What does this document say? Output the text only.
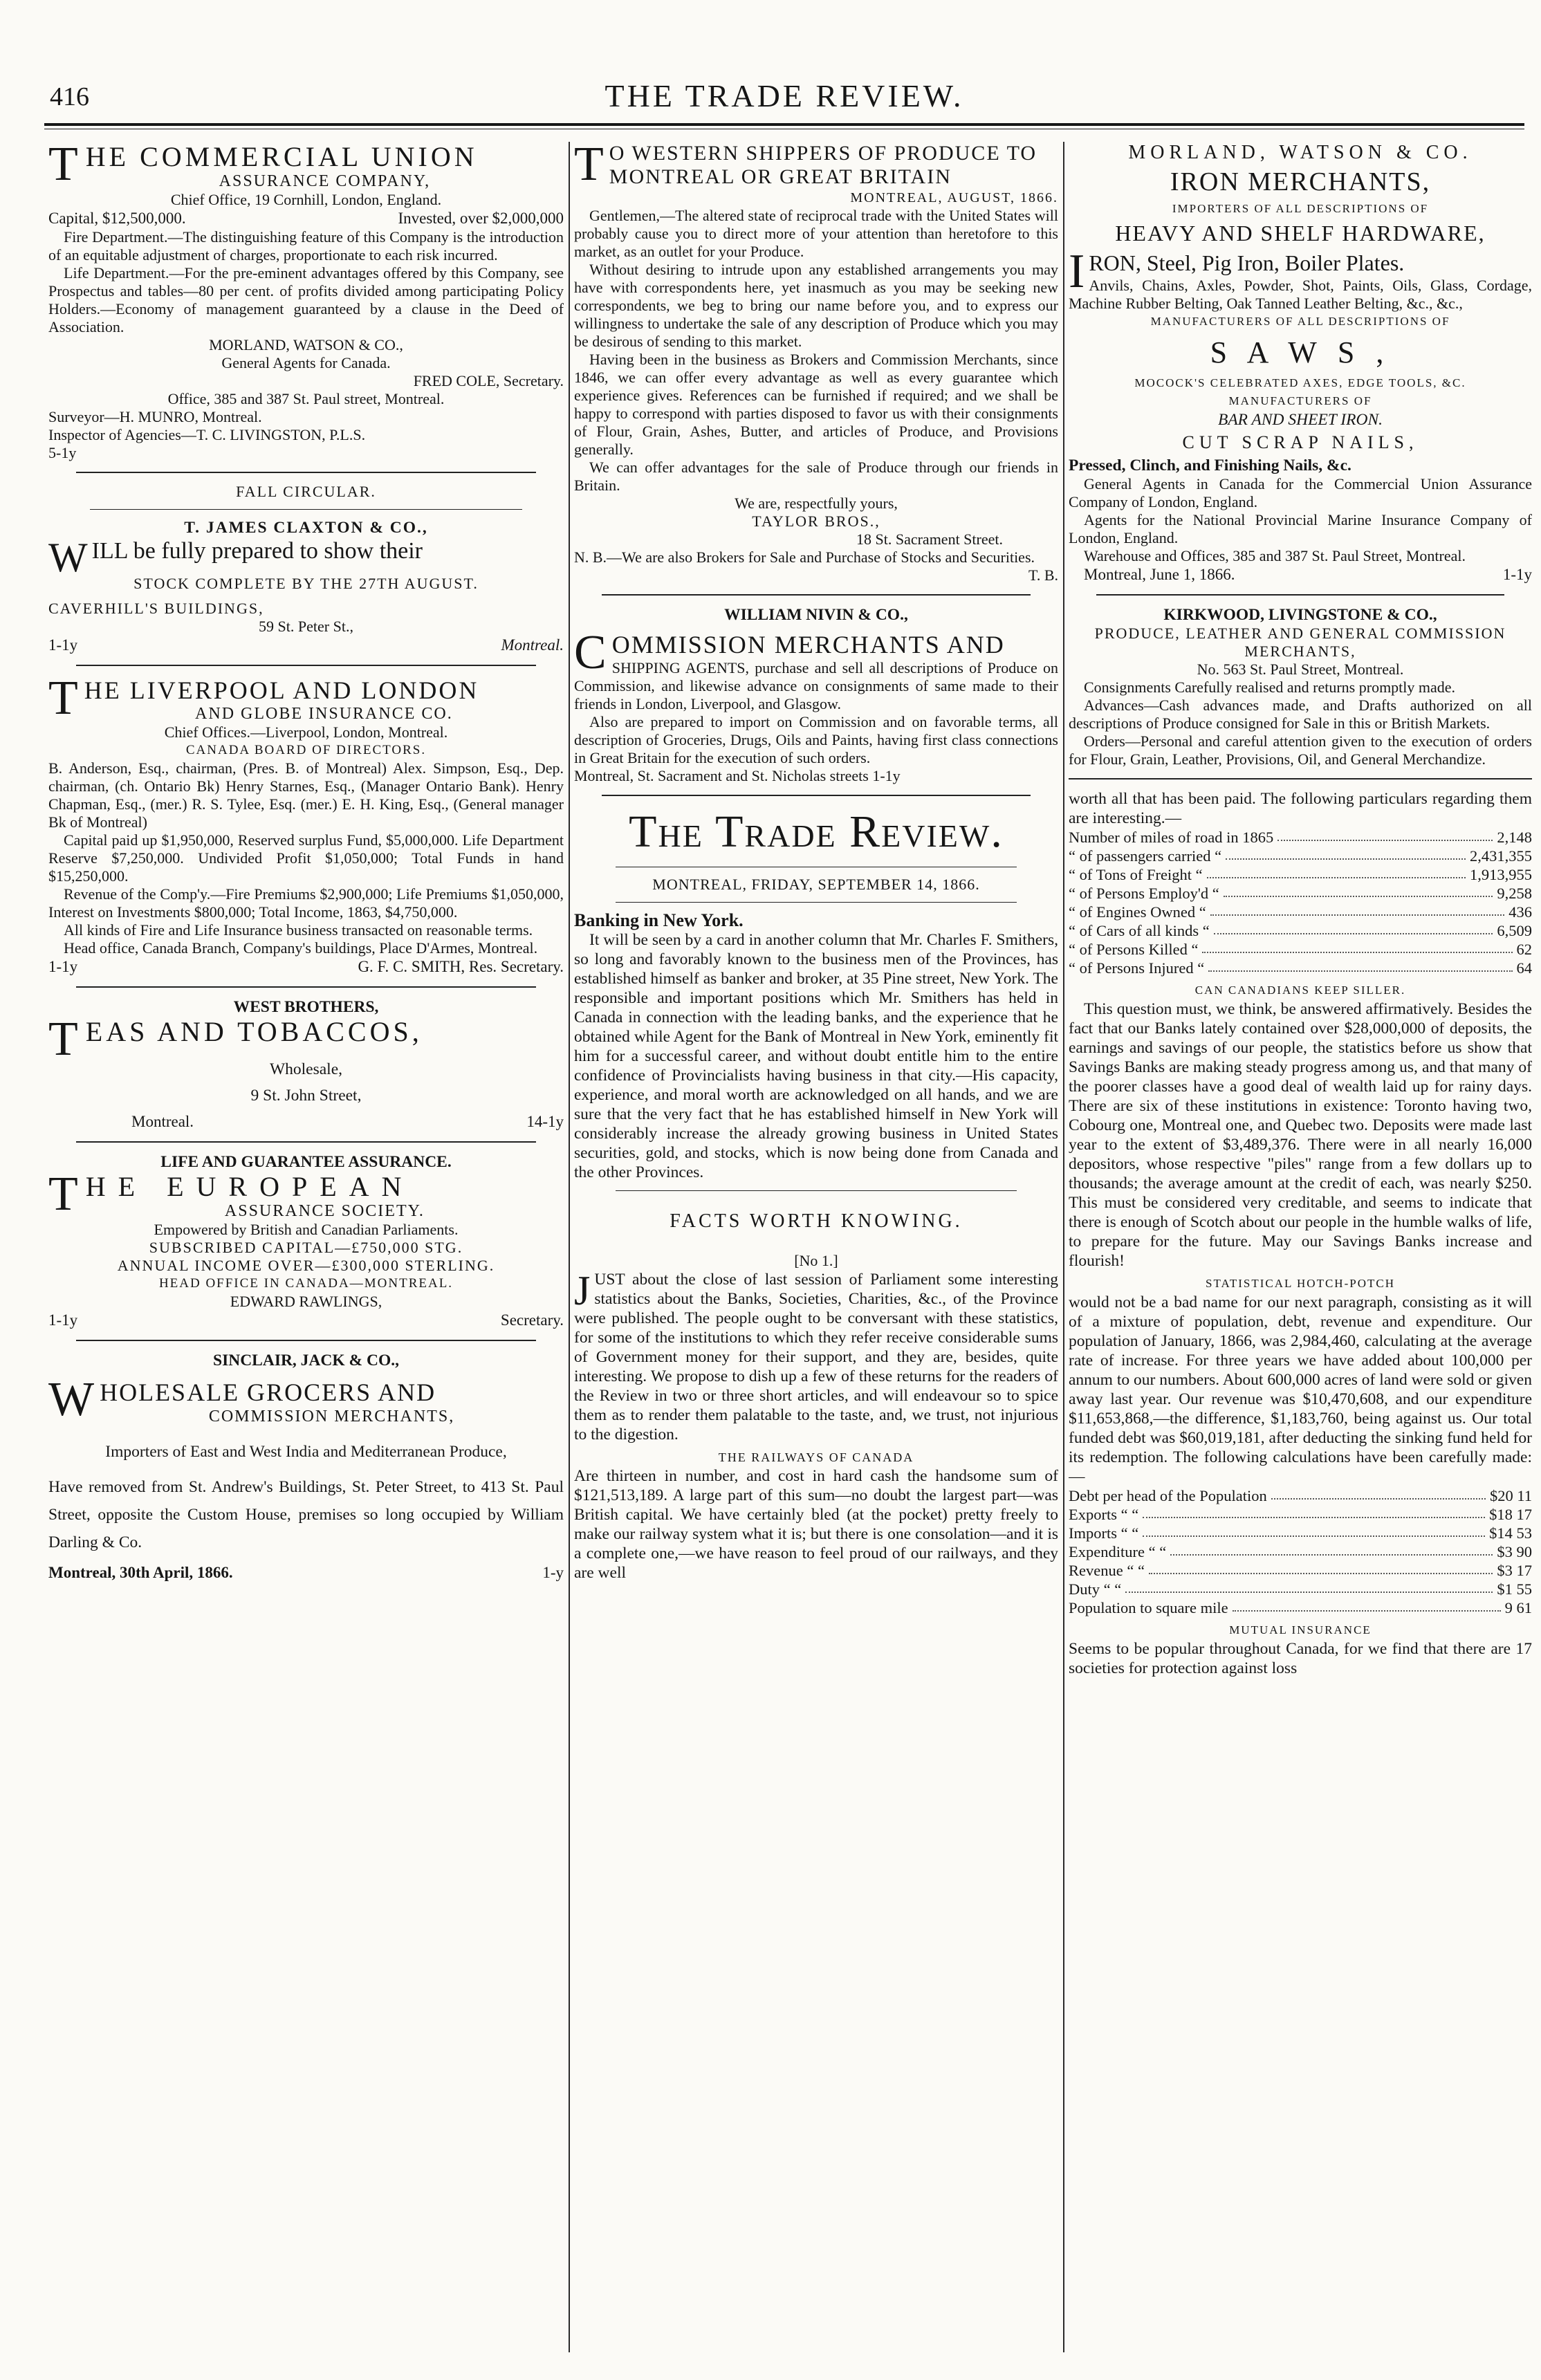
416	THE TRADE REVIEW.
THE COMMERCIAL UNION
ASSURANCE COMPANY,

Chief Office, 19 Cornhill, London, England.

Capital, $12,500,000.	Invested, over $2,000,000

Fire Department.—The distinguishing feature of this Company is the introduction of an equitable adjustment of charges, proportionate to each risk incurred.

Life Department.—For the pre-eminent advantages offered by this Company, see Prospectus and tables—80 per cent. of profits divided among participating Policy Holders.—Economy of management guaranteed by a clause in the Deed of Association.

MORLAND, WATSON & CO.,

General Agents for Canada.

FRED COLE, Secretary.

Office, 385 and 387 St. Paul street, Montreal.

Surveyor—H. MUNRO, Montreal.

Inspector of Agencies—T. C. LIVINGSTON, P.L.S.

5-1y

FALL CIRCULAR.

T. JAMES CLAXTON & CO.,

WILL be fully prepared to show their

STOCK COMPLETE BY THE 27TH AUGUST.

CAVERHILL'S BUILDINGS,

59 St. Peter St.,

1-1y	Montreal.
THE LIVERPOOL AND LONDON
AND GLOBE INSURANCE CO.

Chief Offices.—Liverpool, London, Montreal.

CANADA BOARD OF DIRECTORS.

B. Anderson, Esq., chairman, (Pres. B. of Montreal) Alex. Simpson, Esq., Dep. chairman, (ch. Ontario Bk) Henry Starnes, Esq., (Manager Ontario Bank). Henry Chapman, Esq., (mer.) R. S. Tylee, Esq. (mer.) E. H. King, Esq., (General manager Bk of Montreal)

Capital paid up $1,950,000, Reserved surplus Fund, $5,000,000. Life Department Reserve $7,250,000. Undivided Profit $1,050,000; Total Funds in hand $15,250,000.

Revenue of the Comp'y.—Fire Premiums $2,900,000; Life Premiums $1,050,000, Interest on Investments $800,000; Total Income, 1863, $4,750,000.

All kinds of Fire and Life Insurance business transacted on reasonable terms.

Head office, Canada Branch, Company's buildings, Place D'Armes, Montreal.

1-1y	G. F. C. SMITH, Res. Secretary.

WEST BROTHERS,

TEAS AND TOBACCOS,

Wholesale,

9 St. John Street,

Montreal.	14-1y

LIFE AND GUARANTEE ASSURANCE.

THE EUROPEAN
ASSURANCE SOCIETY.

Empowered by British and Canadian Parliaments.

SUBSCRIBED CAPITAL—£750,000 STG.

ANNUAL INCOME OVER—£300,000 STERLING.

HEAD OFFICE IN CANADA—MONTREAL.

EDWARD RAWLINGS,

1-1y	Secretary.

SINCLAIR, JACK & CO.,

WHOLESALE GROCERS AND
COMMISSION MERCHANTS,

Importers of East and West India and Mediterranean Produce,

Have removed from St. Andrew's Buildings, St. Peter Street, to 413 St. Paul Street, opposite the Custom House, premises so long occupied by William Darling & Co.

Montreal, 30th April, 1866.	1-y
T O WESTERN SHIPPERS OF PRODUCE TO MONTREAL OR GREAT BRITAIN

MONTREAL, AUGUST, 1866.

Gentlemen,—The altered state of reciprocal trade with the United States will probably cause you to direct more of your attention than heretofore to this market, as an outlet for your Produce.

Without desiring to intrude upon any established arrangements you may have with correspondents here, yet inasmuch as you may be seeking new correspondents, we beg to bring our name before you, and to express our willingness to undertake the sale of any description of Produce which you may be desirous of sending to this market.

Having been in the business as Brokers and Commission Merchants, since 1846, we can offer every advantage as well as every guarantee which experience gives. References can be furnished if required; and we shall be happy to correspond with parties disposed to favor us with their consignments of Flour, Grain, Ashes, Butter, and articles of Produce, and Provisions generally.

We can offer advantages for the sale of Produce through our friends in Britain.

We are, respectfully yours,

TAYLOR BROS.,

18 St. Sacrament Street.

N. B.—We are also Brokers for Sale and Purchase of Stocks and Securities.

T. B.

WILLIAM NIVIN & CO.,

COMMISSION MERCHANTS AND

SHIPPING AGENTS, purchase and sell all descriptions of Produce on Commission, and likewise advance on consignments of same made to their friends in London, Liverpool, and Glasgow.

Also are prepared to import on Commission and on favorable terms, all description of Groceries, Drugs, Oils and Paints, having first class connections in Great Britain for the execution of such orders.

Montreal, St. Sacrament and St. Nicholas streets 1-1y

The Trade Review.

MONTREAL, FRIDAY, SEPTEMBER 14, 1866.

Banking in New York.

It will be seen by a card in another column that Mr. Charles F. Smithers, so long and favorably known to the business men of the Provinces, has established himself as banker and broker, at 35 Pine street, New York. The responsible and important positions which Mr. Smithers has held in Canada in connection with the leading banks, and the experience that he obtained while Agent for the Bank of Montreal in New York, eminently fit him for a successful career, and without doubt entitle him to the entire confidence of Provincialists having business in that city.—His capacity, experience, and moral worth are acknowledged on all hands, and we are sure that the very fact that he has established himself in New York will considerably increase the already growing business in United States securities, gold, and stocks, which is now being done from Canada and the other Provinces.

FACTS WORTH KNOWING.

[No 1.]

J UST about the close of last session of Parliament some interesting statistics about the Banks, Societies, Charities, &c., of the Province were published. The people ought to be conversant with these statistics, for some of the institutions to which they refer receive considerable sums of Government money for their support, and they are, besides, quite interesting. We propose to dish up a few of these returns for the readers of the Review in two or three short articles, and will endeavour so to spice them as to render them palatable to the taste, and, we trust, not injurious to the digestion.

THE RAILWAYS OF CANADA

Are thirteen in number, and cost in hard cash the handsome sum of $121,513,189. A large part of this sum—no doubt the largest part—was British capital. We have certainly bled (at the pocket) pretty freely to make our railway system what it is; but there is one consolation—and it is a complete one,—we have reason to feel proud of our railways, and they are well

MORLAND, WATSON & CO.

IRON MERCHANTS,

IMPORTERS OF ALL DESCRIPTIONS OF

HEAVY AND SHELF HARDWARE,

IRON, Steel, Pig Iron, Boiler Plates.

Anvils, Chains, Axles, Powder, Shot, Paints, Oils, Glass, Cordage, Machine Rubber Belting, Oak Tanned Leather Belting, &c., &c.,

MANUFACTURERS OF ALL DESCRIPTIONS OF

S A W S ,

MOCOCK'S CELEBRATED AXES, EDGE TOOLS, &C.

MANUFACTURERS OF

BAR AND SHEET IRON.

CUT SCRAP NAILS,

Pressed, Clinch, and Finishing Nails, &c.

General Agents in Canada for the Commercial Union Assurance Company of London, England.

Agents for the National Provincial Marine Insurance Company of London, England.

Warehouse and Offices, 385 and 387 St. Paul Street, Montreal.

Montreal, June 1, 1866.	1-1y

KIRKWOOD, LIVINGSTONE & CO.,

PRODUCE, LEATHER AND GENERAL COMMISSION MERCHANTS,

No. 563 St. Paul Street, Montreal.

Consignments Carefully realised and returns promptly made.

Advances—Cash advances made, and Drafts authorized on all descriptions of Produce consigned for Sale in this or British Markets.

Orders—Personal and careful attention given to the execution of orders for Flour, Grain, Leather, Provisions, Oil, and General Merchandize.

worth all that has been paid. The following particulars regarding them are interesting.—

Number of miles of road in 1865	2,148
“ of passengers carried “	2,431,355
“ of Tons of Freight “	1,913,955
“ of Persons Employ'd “	9,258
“ of Engines Owned “	436
“ of Cars of all kinds “	6,509
“ of Persons Killed “	62
“ of Persons Injured “	64

CAN CANADIANS KEEP SILLER.

This question must, we think, be answered affirmatively. Besides the fact that our Banks lately contained over $28,000,000 of deposits, the earnings and savings of our people, the statistics before us show that Savings Banks are making steady progress among us, and that many of the poorer classes have a good deal of wealth laid up for rainy days. There are six of these institutions in existence: Toronto having two, Cobourg one, Montreal one, and Quebec two. Deposits were made last year to the extent of $3,489,376. There were in all nearly 16,000 depositors, whose respective "piles" range from a few dollars up to thousands; the average amount at the credit of each, was nearly $250. This must be considered very creditable, and seems to indicate that there is enough of Scotch about our people in the humble walks of life, to prepare for the future. May our Savings Banks increase and flourish!

STATISTICAL HOTCH-POTCH

would not be a bad name for our next paragraph, consisting as it will of a mixture of population, debt, revenue and expenditure. Our population of January, 1866, was 2,984,460, calculating at the average rate of increase. For three years we have added about 100,000 per annum to our numbers. About 600,000 acres of land were sold or given away last year. Our revenue was $10,470,608, and our expenditure $11,653,868,—the difference, $1,183,760, being against us. Our total funded debt was $60,019,181, after deducting the sinking fund held for its redemption. The following calculations have been carefully made:—

Debt per head of the Population	$20 11
Exports “ “	$18 17
Imports “ “	$14 53
Expenditure “ “	$3 90
Revenue “ “	$3 17
Duty “ “	$1 55
Population to square mile	9 61

MUTUAL INSURANCE

Seems to be popular throughout Canada, for we find that there are 17 societies for protection against loss
